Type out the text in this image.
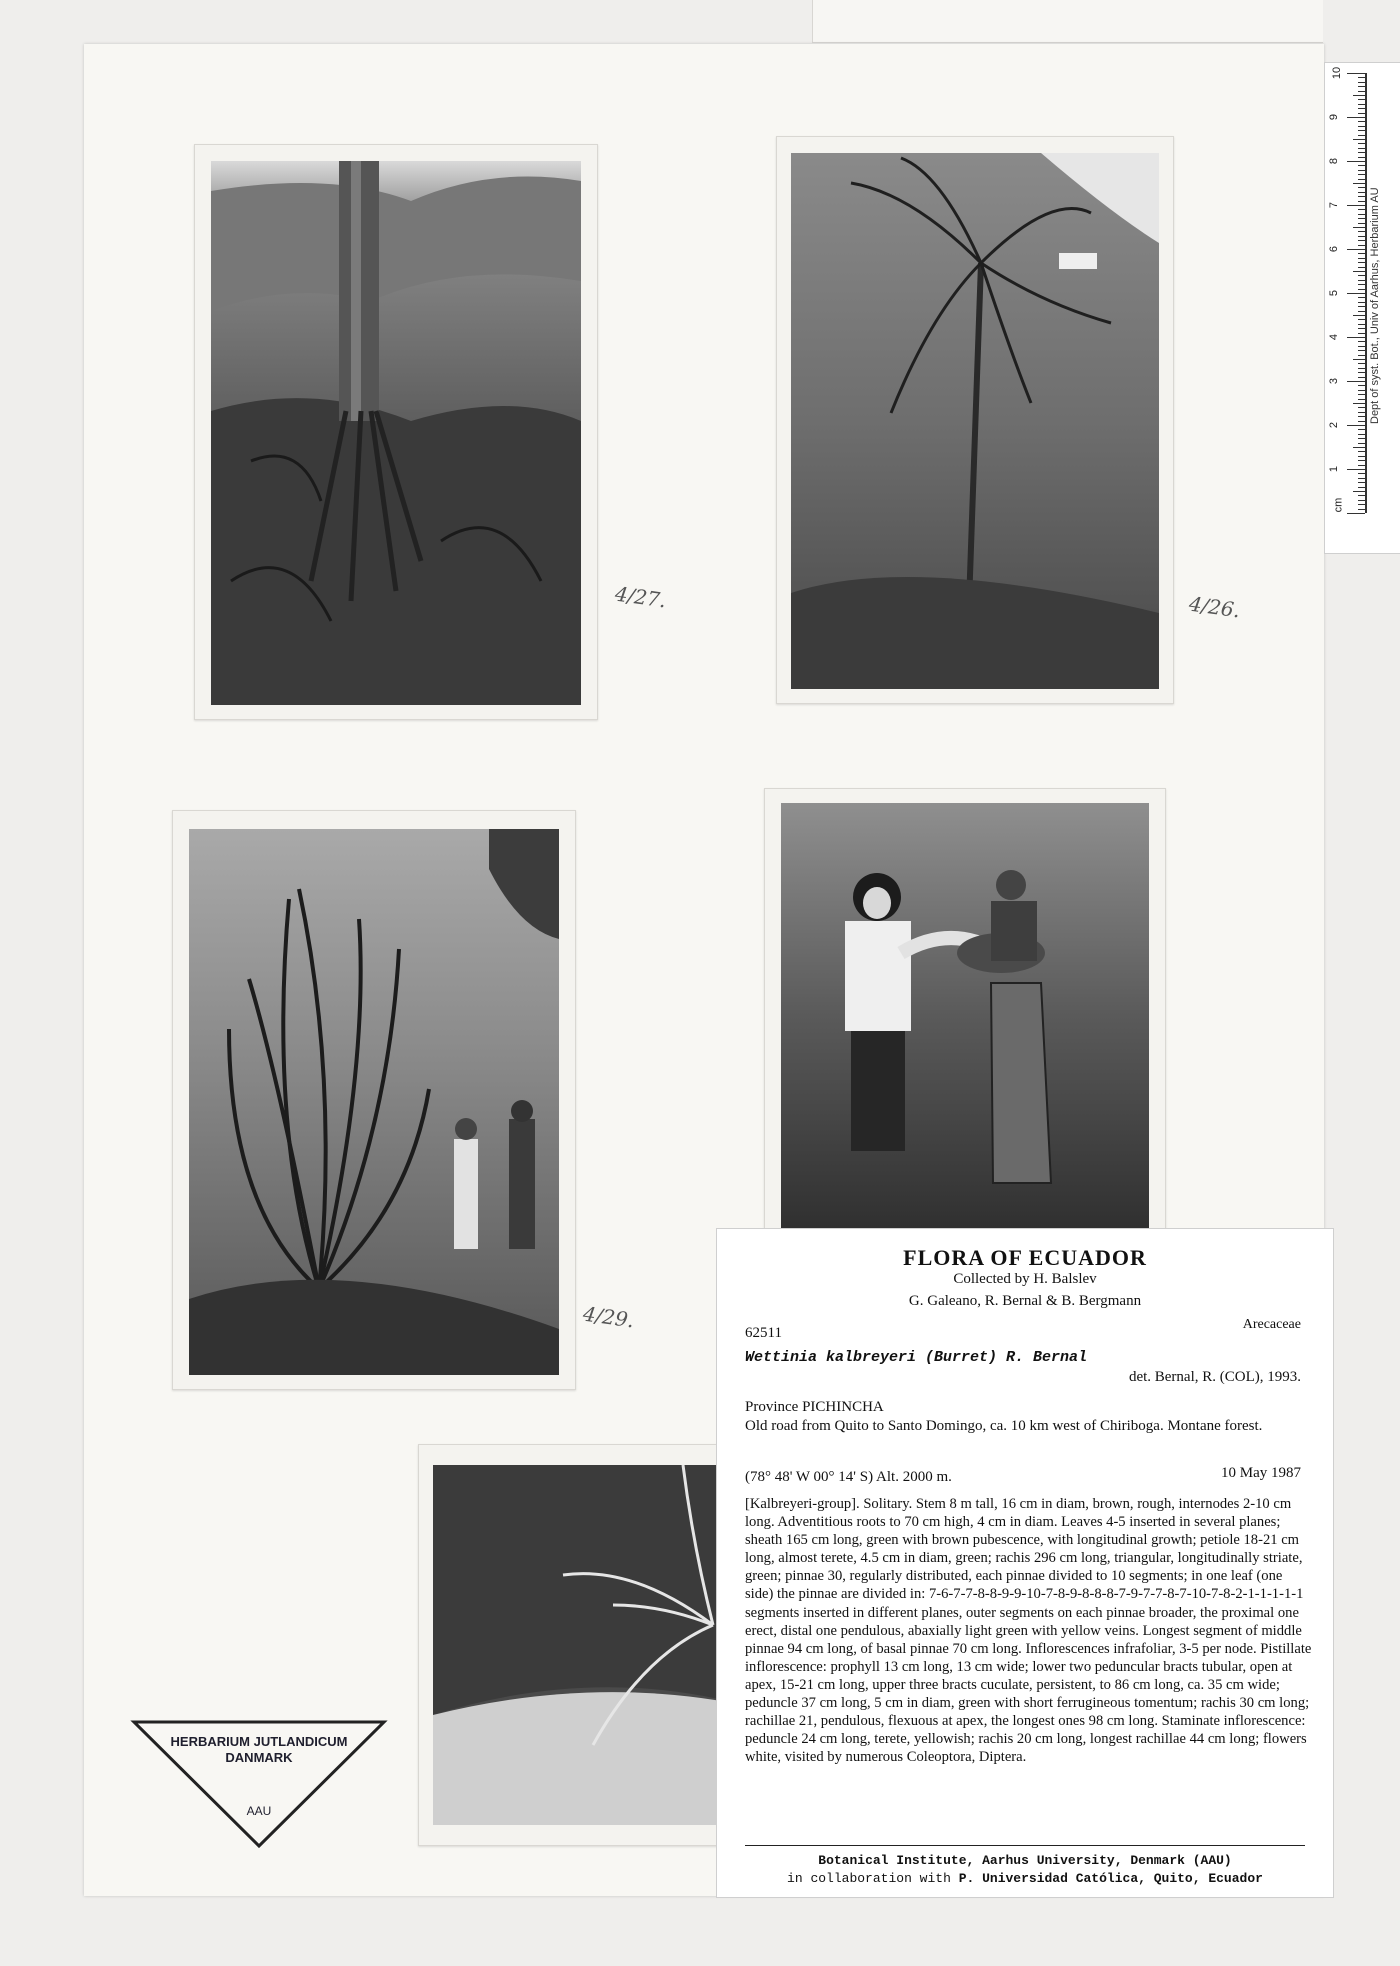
cm
1
2
3
4
5
6
7
8
9
10
Dept of syst. Bot., Univ of Aarhus, Herbarium AU
4/27.	4/26.
4/29.
HERBARIUM JUTLANDICUM
DANMARK
AAU
FLORA OF ECUADOR
Collected by H. Balslev
G. Galeano, R. Bernal & B. Bergmann
62511
Arecaceae
Wettinia kalbreyeri (Burret) R. Bernal
det. Bernal, R. (COL), 1993.
Province PICHINCHA
Old road from Quito to Santo Domingo, ca. 10 km west of Chiriboga. Montane forest.
(78° 48' W 00° 14' S) Alt. 2000 m.	10 May 1987
[Kalbreyeri-group]. Solitary. Stem 8 m tall, 16 cm in diam, brown, rough, internodes 2-10 cm long. Adventitious roots to 70 cm high, 4 cm in diam. Leaves 4-5 inserted in several planes; sheath 165 cm long, green with brown pubescence, with longitudinal growth; petiole 18-21 cm long, almost terete, 4.5 cm in diam, green; rachis 296 cm long, triangular, longitudinally striate, green; pinnae 30, regularly distributed, each pinnae divided to 10 segments; in one leaf (one side) the pinnae are divided in: 7-6-7-7-8-8-9-9-10-7-8-9-8-8-8-7-9-7-7-8-7-10-7-8-2-1-1-1-1-1 segments inserted in different planes, outer segments on each pinnae broader, the proximal one erect, distal one pendulous, abaxially light green with yellow veins. Longest segment of middle pinnae 94 cm long, of basal pinnae 70 cm long. Inflorescences infrafoliar, 3-5 per node. Pistillate inflorescence: prophyll 13 cm long, 13 cm wide; lower two peduncular bracts tubular, open at apex, 15-21 cm long, upper three bracts cuculate, persistent, to 86 cm long, ca. 35 cm wide; peduncle 37 cm long, 5 cm in diam, green with short ferrugineous tomentum; rachis 30 cm long; rachillae 21, pendulous, flexuous at apex, the longest ones 98 cm long. Staminate inflorescence: peduncle 24 cm long, terete, yellowish; rachis 20 cm long, longest rachillae 44 cm long; flowers white, visited by numerous Coleoptora, Diptera.
Botanical Institute, Aarhus University, Denmark (AAU)
in collaboration with P. Universidad Católica, Quito, Ecuador
